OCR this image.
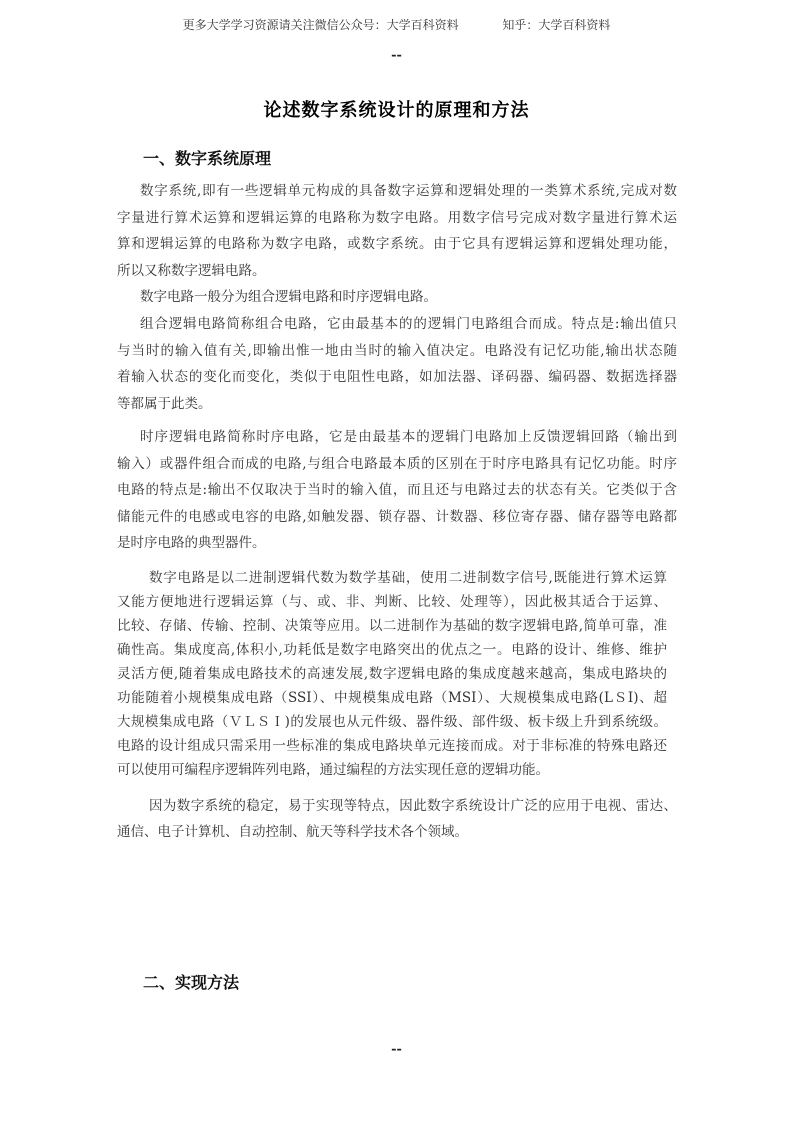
更多大学学习资源请关注微信公众号：大学百科资料	知乎：大学百科资料
--
论述数字系统设计的原理和方法
一、数字系统原理
数字系统,即有一些逻辑单元构成的具备数字运算和逻辑处理的一类算术系统,完成对数
字量进行算术运算和逻辑运算的电路称为数字电路。用数字信号完成对数字量进行算术运
算和逻辑运算的电路称为数字电路，或数字系统。由于它具有逻辑运算和逻辑处理功能，
所以又称数字逻辑电路。
数字电路一般分为组合逻辑电路和时序逻辑电路。
组合逻辑电路简称组合电路，它由最基本的的逻辑门电路组合而成。特点是:输出值只
与当时的输入值有关,即输出惟一地由当时的输入值决定。电路没有记忆功能,输出状态随
着输入状态的变化而变化，类似于电阻性电路，如加法器、译码器、编码器、数据选择器
等都属于此类。
时序逻辑电路简称时序电路，它是由最基本的逻辑门电路加上反馈逻辑回路（输出到
输入）或器件组合而成的电路,与组合电路最本质的区别在于时序电路具有记忆功能。时序
电路的特点是:输出不仅取决于当时的输入值，而且还与电路过去的状态有关。它类似于含
储能元件的电感或电容的电路,如触发器、锁存器、计数器、移位寄存器、储存器等电路都
是时序电路的典型器件。
数字电路是以二进制逻辑代数为数学基础，使用二进制数字信号,既能进行算术运算
又能方便地进行逻辑运算（与、或、非、判断、比较、处理等），因此极其适合于运算、
比较、存储、传输、控制、决策等应用。以二进制作为基础的数字逻辑电路,简单可靠，准
确性高。集成度高,体积小,功耗低是数字电路突出的优点之一。电路的设计、维修、维护
灵活方便,随着集成电路技术的高速发展,数字逻辑电路的集成度越来越高，集成电路块的
功能随着小规模集成电路（SSI）、中规模集成电路（MSI）、大规模集成电路(LＳI)、超
大规模集成电路（ＶＬＳＩ)的发展也从元件级、器件级、部件级、板卡级上升到系统级。
电路的设计组成只需采用一些标准的集成电路块单元连接而成。对于非标准的特殊电路还
可以使用可编程序逻辑阵列电路，通过编程的方法实现任意的逻辑功能。
因为数字系统的稳定，易于实现等特点，因此数字系统设计广泛的应用于电视、雷达、
通信、电子计算机、自动控制、航天等科学技术各个领域。
二、实现方法
--
